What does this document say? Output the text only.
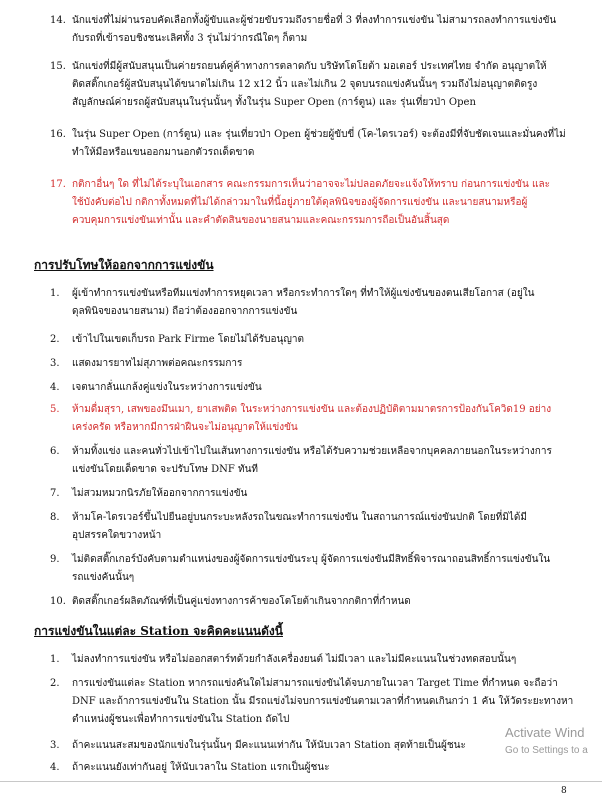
14. นักแข่งที่ไม่ผ่านรอบคัดเลือกทั้งผู้ขับและผู้ช่วยขับรวมถึงรายชื่อที่ 3 ที่ลงทำการแข่งขัน ไม่สามารถลงทำการแข่งขัน
กับรถที่เข้ารอบชิงชนะเลิศทั้ง 3 รุ่นไม่ว่ากรณีใดๆ ก็ตาม
15. นักแข่งที่มีผู้สนับสนุนเป็นค่ายรถยนต์คู่ค้าทางการตลาดกับ บริษัทโตโยต้า มอเตอร์ ประเทศไทย จำกัด อนุญาตให้
ติดสติ๊กเกอร์ผู้สนับสนุนได้ขนาดไม่เกิน 12 x12 นิ้ว และไม่เกิน 2 จุดบนรถแข่งคันนั้นๆ รวมถึงไม่อนุญาตติดรูง
สัญลักษณ์ค่ายรถผู้สนับสนุนในรุ่นนั้นๆ ทั้งในรุ่น Super Open (การ์ตูน) และ รุ่นเที่ยวป่า Open
16. ในรุ่น Super Open (การ์ตูน) และ รุ่นเที่ยวป่า Open ผู้ช่วยผู้ขับขี่ (โค-ไดรเวอร์) จะต้องมีที่จับชัดเจนและมั่นคงที่ไม่
ทำให้มือหรือแขนออกมานอกตัวรถเด็ดขาด
17. กติกาอื่นๆ ใด ที่ไม่ได้ระบุในเอกสาร คณะกรรมการเห็นว่าอาจจะไม่ปลอดภัยจะแจ้งให้ทราบ ก่อนการแข่งขัน และ
ใช้บังคับต่อไป กติกาทั้งหมดที่ไม่ได้กล่าวมาในที่นี้อยู่ภายใต้ดุลพินิจของผู้จัดการแข่งขัน และนายสนามหรือผู้
ควบคุมการแข่งขันเท่านั้น และคำตัดสินของนายสนามและคณะกรรมการถือเป็นอันสิ้นสุด
การปรับโทษให้ออกจากการแข่งขัน
1.	ผู้เข้าทำการแข่งขันหรือทีมแข่งทำการหยุดเวลา หรือกระทำการใดๆ ที่ทำให้ผู้แข่งขันของตนเสียโอกาส (อยู่ใน
ดุลพินิจของนายสนาม) ถือว่าต้องออกจากการแข่งขัน
2.	เข้าไปในเขตเก็บรถ Park Firme โดยไม่ได้รับอนุญาต
3.	แสดงมารยาทไม่สุภาพต่อคณะกรรมการ
4.	เจตนากลั่นแกล้งคู่แข่งในระหว่างการแข่งขัน
5.	ห้ามดื่มสุรา, เสพของมึนเมา, ยาเสพติด ในระหว่างการแข่งขัน และต้องปฏิบัติตามมาตรการป้องกันโควิด19 อย่าง
เคร่งครัด หรือหากมีการฝ่าฝืนจะไม่อนุญาตให้แข่งขัน
6.	ห้ามทิ้งแข่ง และคนทั่วไปเข้าไปในเส้นทางการแข่งขัน หรือได้รับความช่วยเหลือจากบุคคลภายนอกในระหว่างการ
แข่งขันโดยเด็ดขาด จะปรับโทษ DNF ทันที
7.	ไม่สวมหมวกนิรภัยให้ออกจากการแข่งขัน
8.	ห้ามโค-ไดรเวอร์ขึ้นไปยืนอยู่บนกระบะหลังรถในขณะทำการแข่งขัน ในสถานการณ์แข่งขันปกติ โดยที่มิได้มี
อุปสรรคใดขวางหน้า
9.	ไม่ติดสติ๊กเกอร์บังคับตามตำแหน่งของผู้จัดการแข่งขันระบุ ผู้จัดการแข่งขันมีสิทธิ์พิจารณาถอนสิทธิ์การแข่งขันใน
รถแข่งคันนั้นๆ
10. ติดสติ๊กเกอร์ผลิตภัณฑ์ที่เป็นคู่แข่งทางการค้าของโตโยต้าเกินจากกติกาที่กำหนด
การแข่งขันในแต่ละ Station จะคิดคะแนนดังนี้
1.	ไม่ลงทำการแข่งขัน หรือไม่ออกสตาร์ทด้วยกำลังเครื่องยนต์ ไม่มีเวลา และไม่มีคะแนนในช่วงทดสอบนั้นๆ
2.	การแข่งขันแต่ละ Station หากรถแข่งคันใดไม่สามารถแข่งขันได้จบภายในเวลา Target Time ที่กำหนด จะถือว่า
DNF และถ้าการแข่งขันใน Station นั้น มีรถแข่งไม่จบการแข่งขันตามเวลาที่กำหนดเกินกว่า 1 คัน ให้วัดระยะทางหา
ตำแหน่งผู้ชนะเพื่อทำการแข่งขันใน Station ถัดไป
3.	ถ้าคะแนนสะสมของนักแข่งในรุ่นนั้นๆ มีคะแนนเท่ากัน ให้นับเวลา Station สุดท้ายเป็นผู้ชนะ
4.	ถ้าคะแนนยังเท่ากันอยู่ ให้นับเวลาใน Station แรกเป็นผู้ชนะ
Activate Wind
Go to Settings to a
8
